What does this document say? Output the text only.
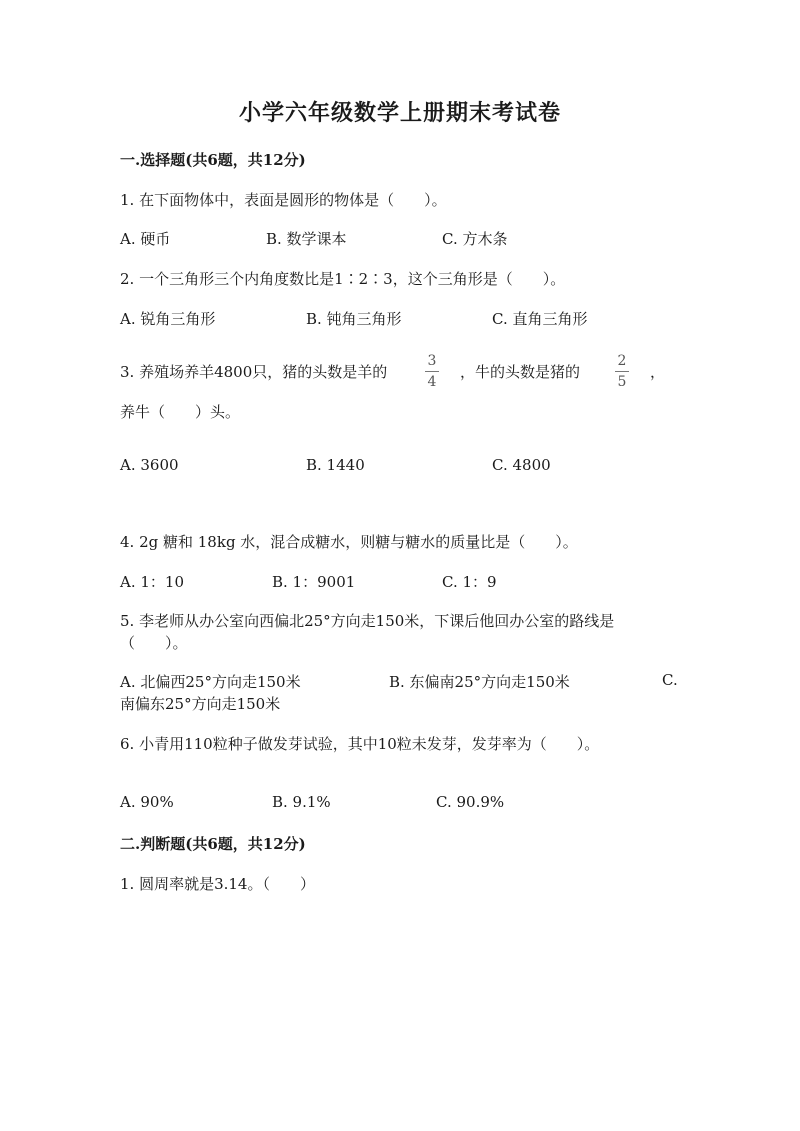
小学六年级数学上册期末考试卷
一.选择题(共6题，共12分)
1. 在下面物体中，表面是圆形的物体是（　　）。
A. 硬币	B. 数学课本	C. 方木条
2. 一个三角形三个内角度数比是1∶2∶3，这个三角形是（　　）。
A. 锐角三角形	B. 钝角三角形	C. 直角三角形
3. 养殖场养羊4800只，猪的头数是羊的
3
4
，牛的头数是猪的
2
5
，
养牛（　　）头。
A. 3600	B. 1440	C. 4800
4. 2g 糖和 18kg 水，混合成糖水，则糖与糖水的质量比是（　　）。
A. 1：10	B. 1：9001	C. 1：9
5. 李老师从办公室向西偏北25°方向走150米，下课后他回办公室的路线是
（　　）。
A. 北偏西25°方向走150米	B. 东偏南25°方向走150米	C.
南偏东25°方向走150米
6. 小青用110粒种子做发芽试验，其中10粒未发芽，发芽率为（　　）。
A. 90%	B. 9.1%	C. 90.9%
二.判断题(共6题，共12分)
1. 圆周率就是3.14。（　　）
